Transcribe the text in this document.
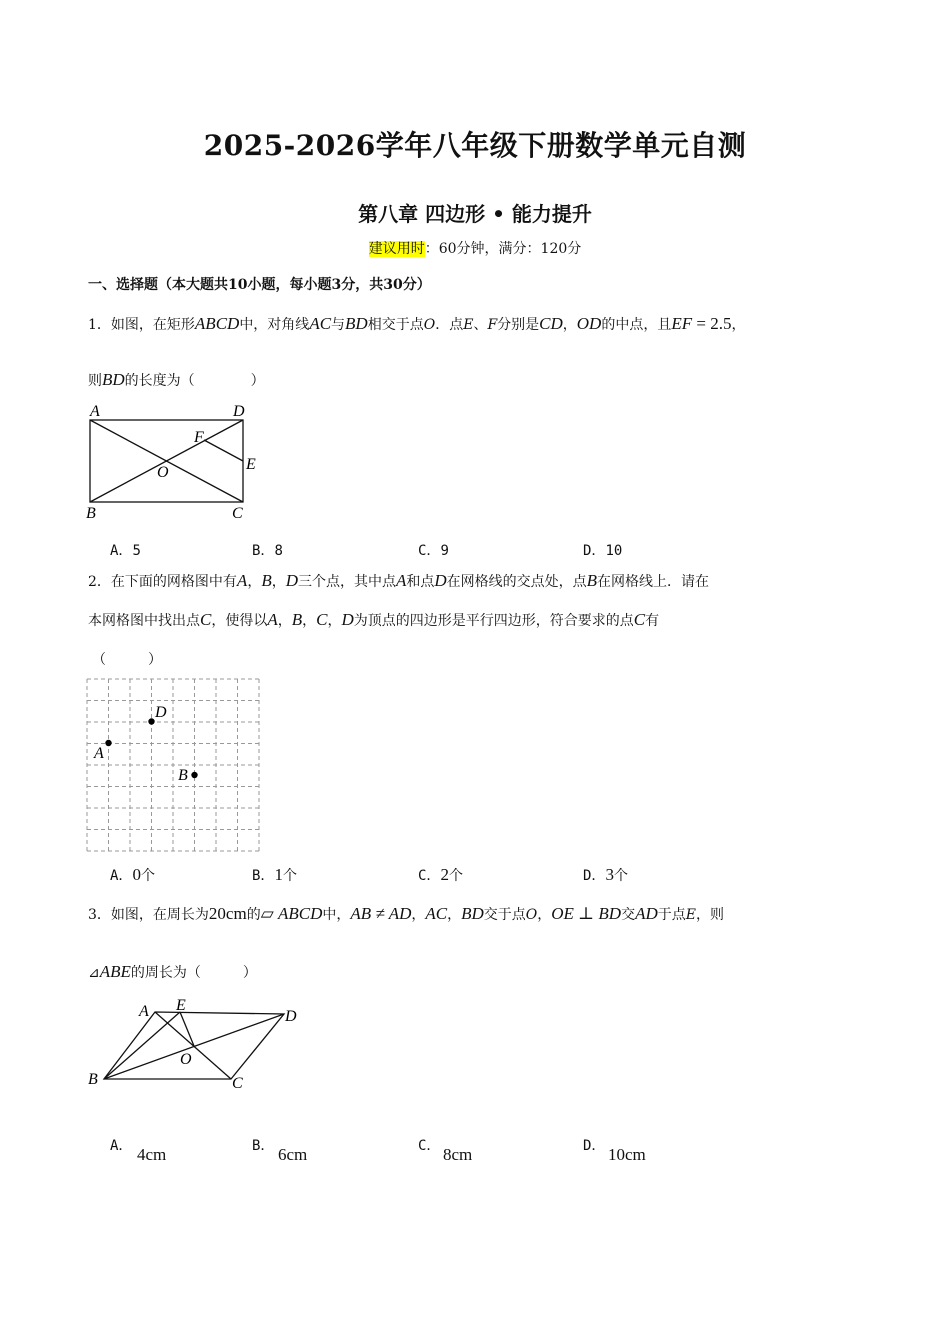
2025-2026学年八年级下册数学单元自测
第八章 四边形 • 能力提升
建议用时：60分钟，满分：120分
一、选择题（本大题共10小题，每小题3分，共30分）
1．如图，在矩形ABCD中，对角线AC与BD相交于点O．点E、F分别是CD，OD的中点，且EF = 2.5，
则BD的长度为（　　　　）
A	D
B	C
E
F
O
A．5	B．8	C．9	D．10
2．在下面的网格图中有A，B，D三个点，其中点A和点D在网格线的交点处，点B在网格线上．请在
本网格图中找出点C，使得以A，B，C，D为顶点的四边形是平行四边形，符合要求的点C有
（　　　）
A
D
B
A．0个	B．1个	C．2个	D．3个
3．如图，在周长为20cm的▱ ABCD中，AB ≠ AD，AC，BD交于点O，OE ⊥ BD交AD于点E，则
⊿ABE的周长为（　　　）
A E
D
B	C
O
A． 4cm	B． 6cm	C． 8cm	D． 10cm
